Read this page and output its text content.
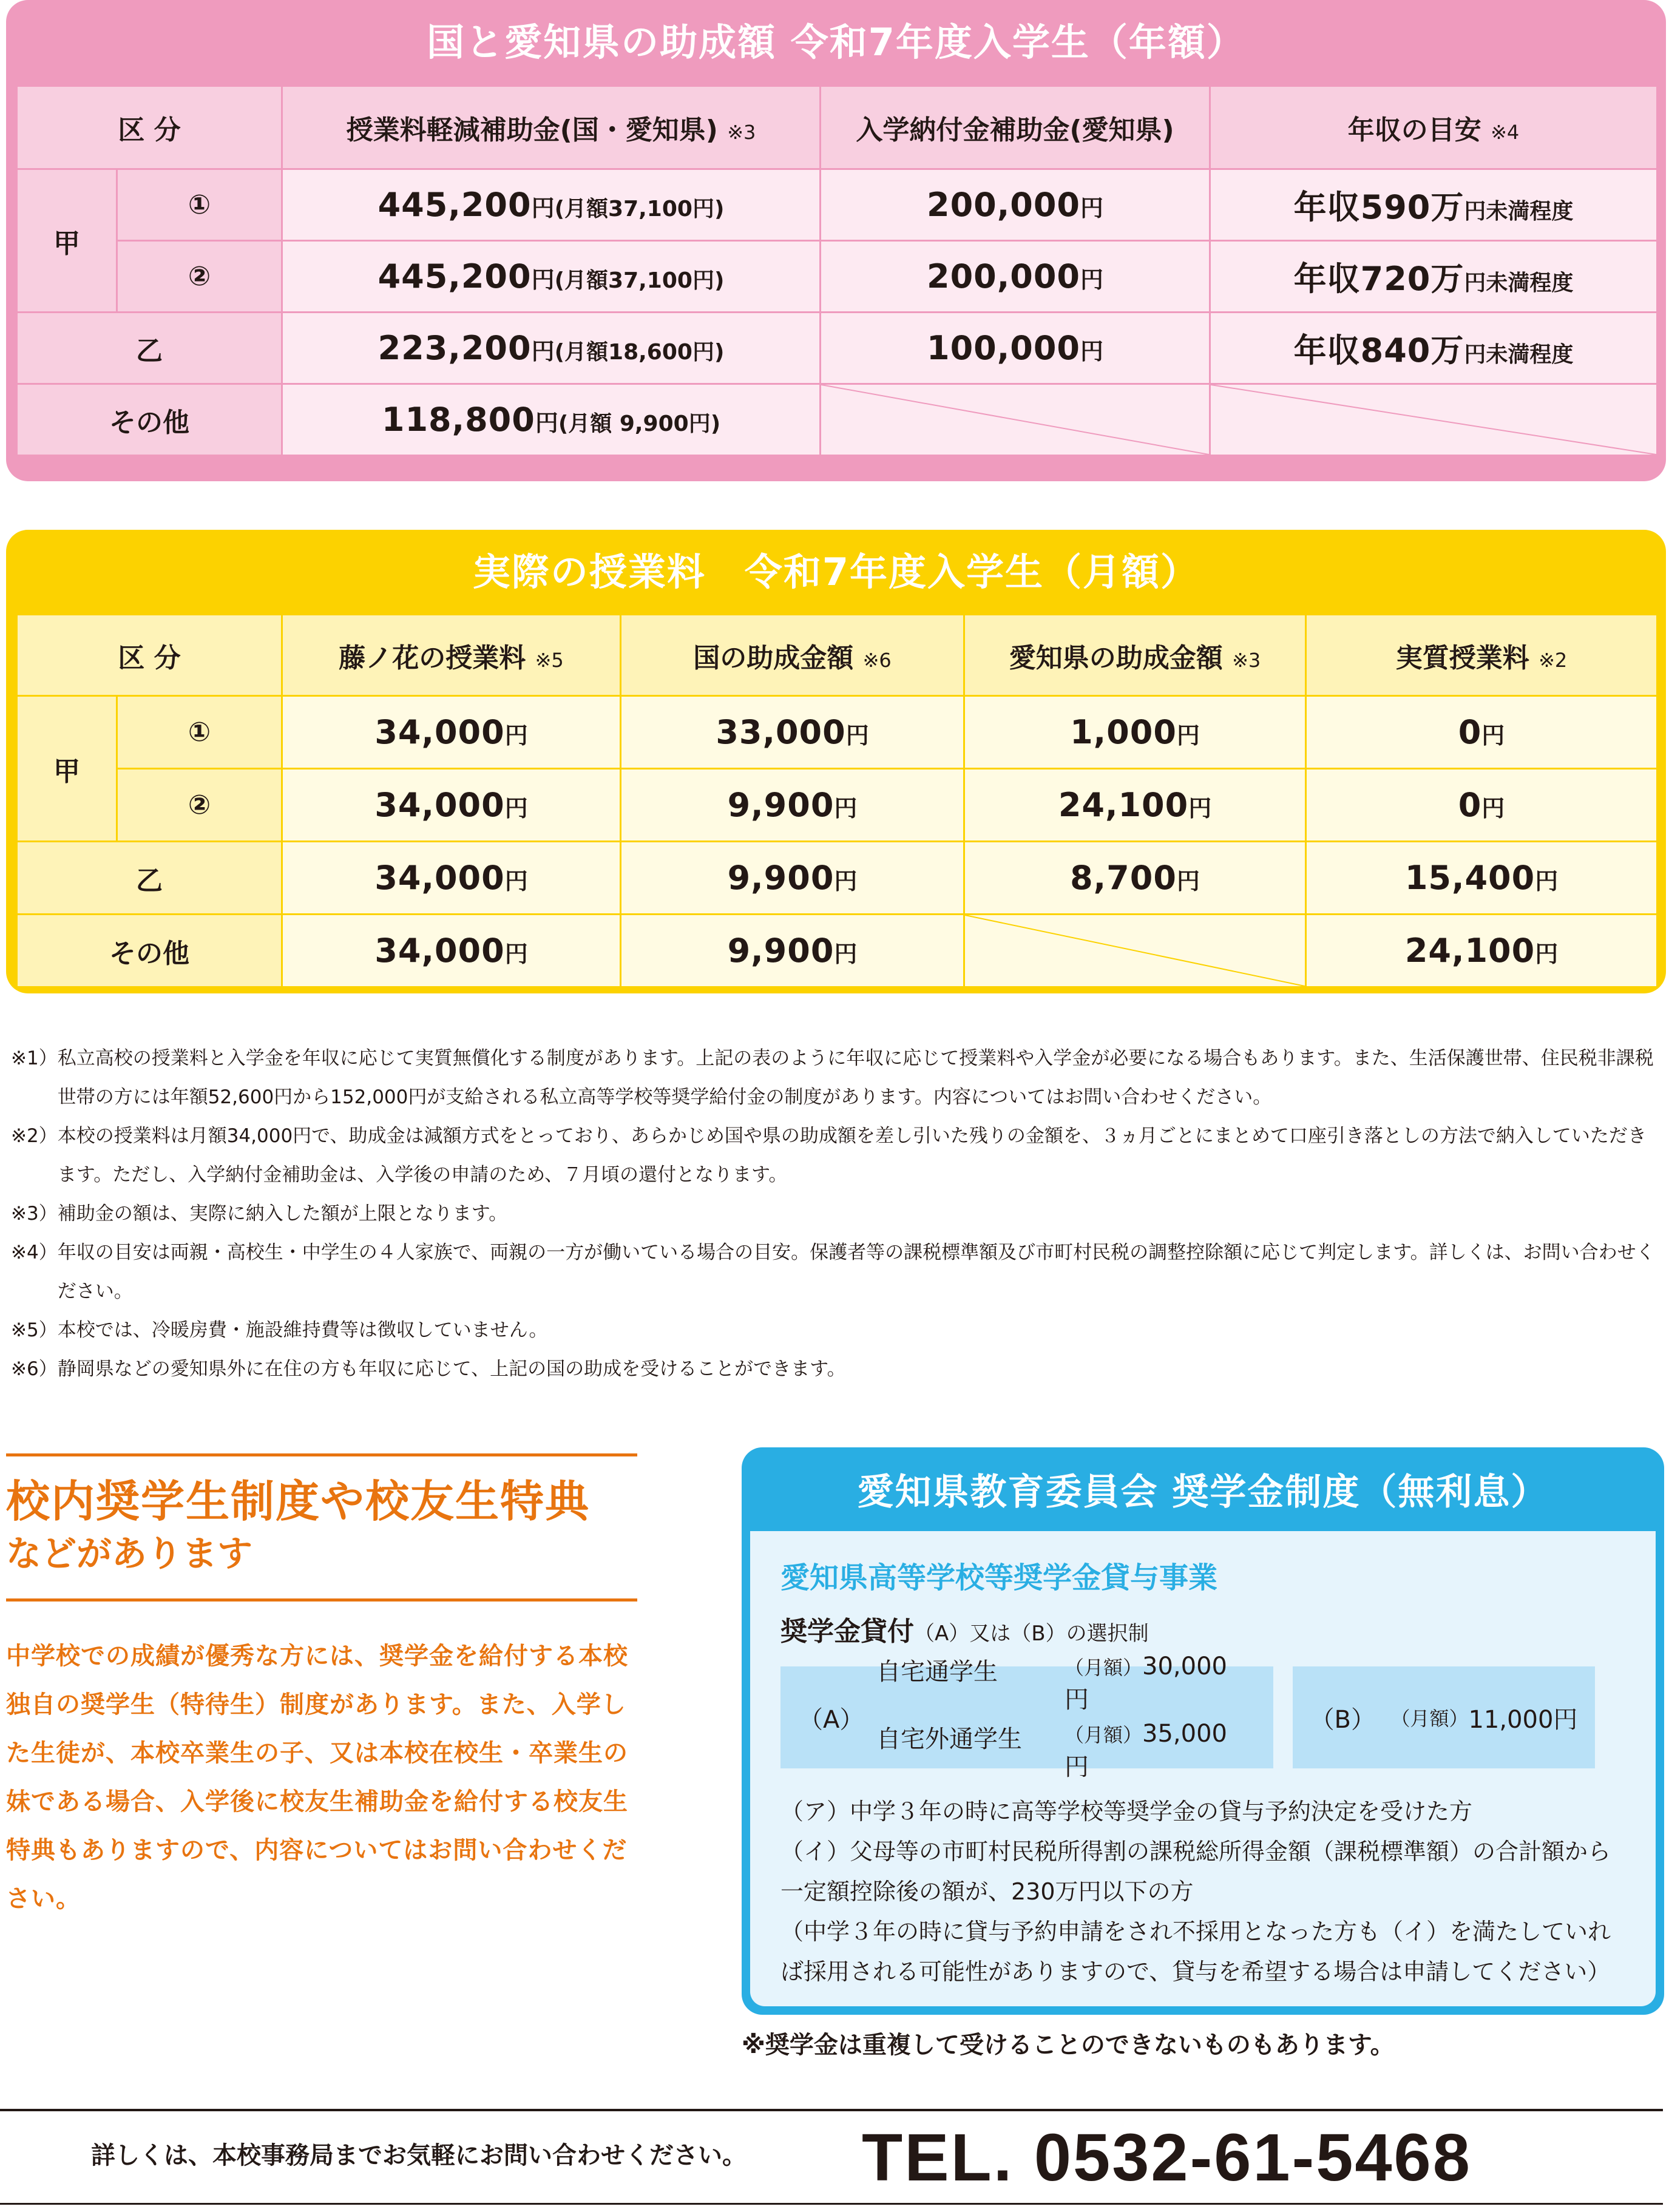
国と愛知県の助成額 令和7年度入学生（年額）
区 分		授業料軽減補助金(国・愛知県) ※3	入学納付金補助金(愛知県)	年収の目安 ※4
甲	①	445,200円(月額37,100円)	200,000円	年収590万円未満程度
	②	445,200円(月額37,100円)	200,000円	年収720万円未満程度
乙		223,200円(月額18,600円)	100,000円	年収840万円未満程度
その他		118,800円(月額 9,900円)	

実際の授業料　令和7年度入学生（月額）
区 分		藤ノ花の授業料 ※5	国の助成金額 ※6	愛知県の助成金額 ※3	実質授業料 ※2
甲	①	34,000円	33,000円	1,000円	0円
	②	34,000円	9,900円	24,100円	0円
乙		34,000円	9,900円	8,700円	15,400円
その他		34,000円	9,900円		24,100円
※1） 私立高校の授業料と入学金を年収に応じて実質無償化する制度があります。上記の表のように年収に応じて授業料や入学金が必要になる場合もあります。また、生活保護世帯、住民税非課税世帯の方には年額52,600円から152,000円が支給される私立高等学校等奨学給付金の制度があります。内容についてはお問い合わせください。
※2） 本校の授業料は月額34,000円で、助成金は減額方式をとっており、あらかじめ国や県の助成額を差し引いた残りの金額を、３ヵ月ごとにまとめて口座引き落としの方法で納入していただきます。ただし、入学納付金補助金は、入学後の申請のため、７月頃の還付となります。
※3） 補助金の額は、実際に納入した額が上限となります。
※4） 年収の目安は両親・高校生・中学生の４人家族で、両親の一方が働いている場合の目安。保護者等の課税標準額及び市町村民税の調整控除額に応じて判定します。詳しくは、お問い合わせください。
※5） 本校では、冷暖房費・施設維持費等は徴収していません。
※6） 静岡県などの愛知県外に在住の方も年収に応じて、上記の国の助成を受けることができます。
校内奨学生制度や校友生特典
などがあります

中学校での成績が優秀な方には、奨学金を給付する本校独自の奨学生（特待生）制度があります。また、入学した生徒が、本校卒業生の子、又は本校在校生・卒業生の妹である場合、入学後に校友生補助金を給付する校友生特典もありますので、内容についてはお問い合わせください。

愛知県教育委員会 奨学金制度（無利息）
愛知県高等学校等奨学金貸与事業
奨学金貸付（A）又は（B）の選択制
（A）
自宅通学生	（月額）30,000円
自宅外通学生	（月額）35,000円
（B）
（月額） 11,000円
（ア）中学３年の時に高等学校等奨学金の貸与予約決定を受けた方
（イ）父母等の市町村民税所得割の課税総所得金額（課税標準額）の合計額から一定額控除後の額が、230万円以下の方
（中学３年の時に貸与予約申請をされ不採用となった方も（イ）を満たしていれば採用される可能性がありますので、貸与を希望する場合は申請してください）
※奨学金は重複して受けることのできないものもあります。
詳しくは、本校事務局までお気軽にお問い合わせください。 TEL. 0532-61-5468
